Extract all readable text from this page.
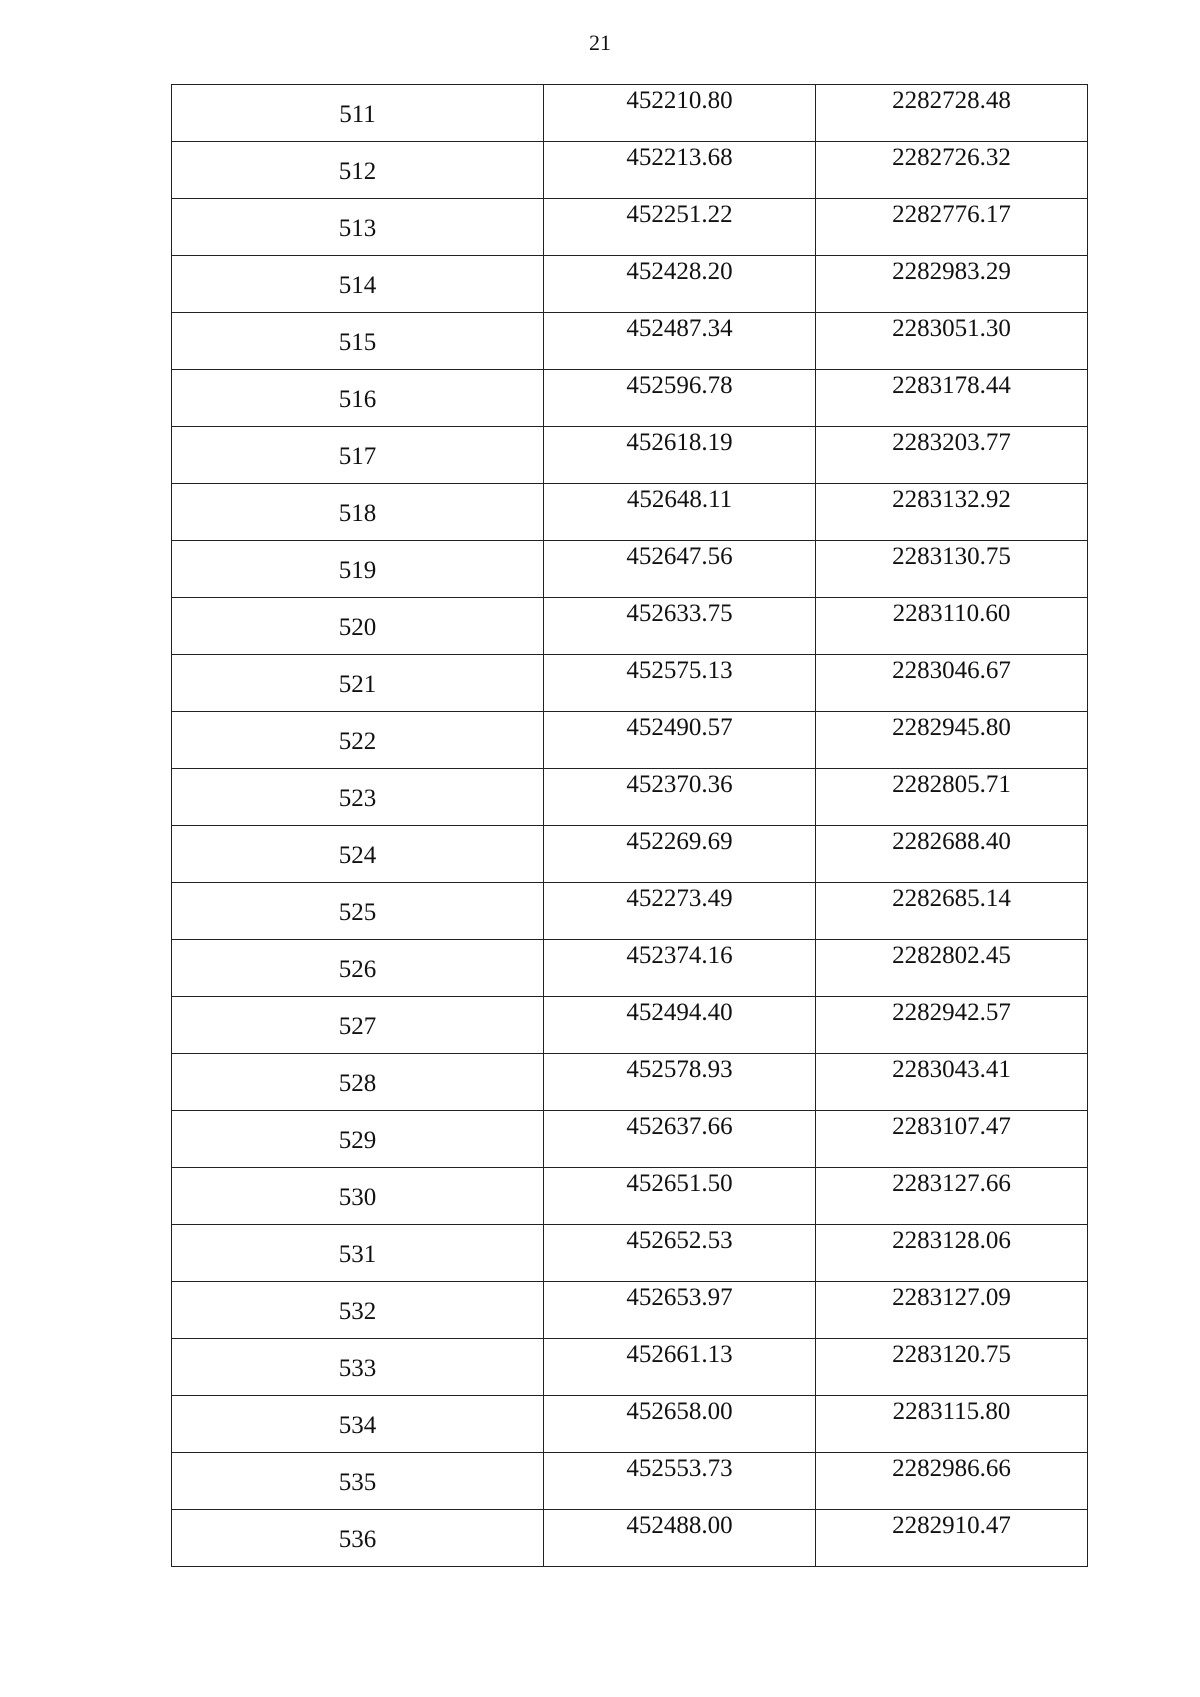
21
511	452210.80	2282728.48
512	452213.68	2282726.32
513	452251.22	2282776.17
514	452428.20	2282983.29
515	452487.34	2283051.30
516	452596.78	2283178.44
517	452618.19	2283203.77
518	452648.11	2283132.92
519	452647.56	2283130.75
520	452633.75	2283110.60
521	452575.13	2283046.67
522	452490.57	2282945.80
523	452370.36	2282805.71
524	452269.69	2282688.40
525	452273.49	2282685.14
526	452374.16	2282802.45
527	452494.40	2282942.57
528	452578.93	2283043.41
529	452637.66	2283107.47
530	452651.50	2283127.66
531	452652.53	2283128.06
532	452653.97	2283127.09
533	452661.13	2283120.75
534	452658.00	2283115.80
535	452553.73	2282986.66
536	452488.00	2282910.47
